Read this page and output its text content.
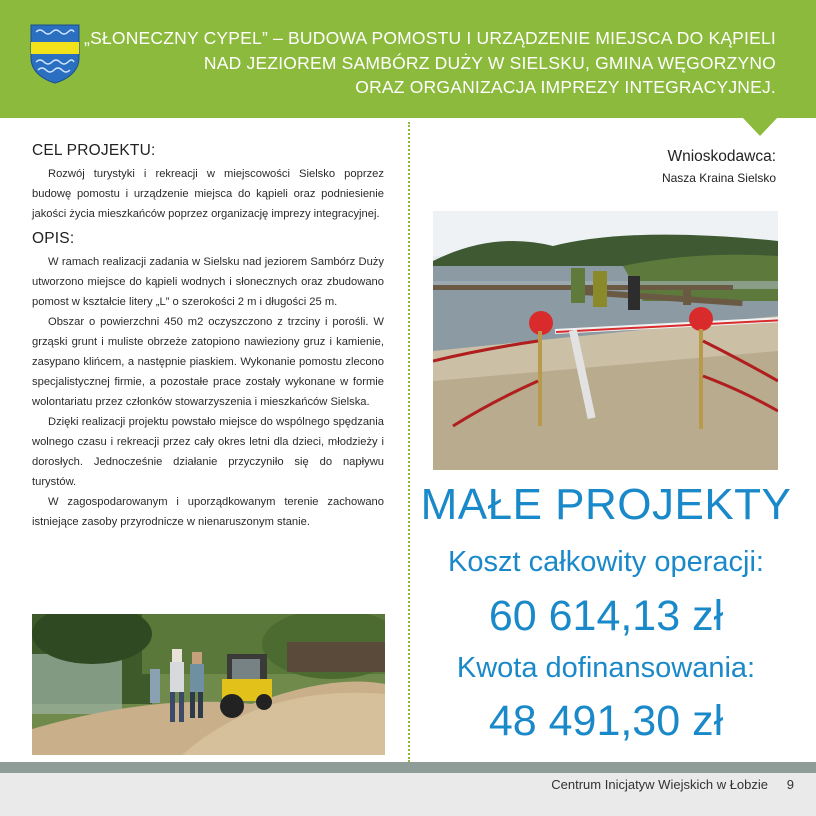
„SŁONECZNY CYPEL” – BUDOWA POMOSTU I URZĄDZENIE MIEJSCA DO KĄPIELI
NAD JEZIOREM SAMBÓRZ DUŻY W SIELSKU, GMINA WĘGORZYNO
ORAZ ORGANIZACJA IMPREZY INTEGRACYJNEJ.
CEL PROJEKTU:

Rozwój turystyki i rekreacji w miejscowości Sielsko poprzez budowę pomostu i urządzenie miejsca do kąpieli oraz podniesienie jakości życia mieszkańców poprzez organizację imprezy integracyjnej.

OPIS:

W ramach realizacji zadania w Sielsku nad jeziorem Sambórz Duży utworzono miejsce do kąpieli wodnych i słonecznych oraz zbudowano pomost w kształcie litery „L” o szerokości 2 m i długości 25 m.

Obszar o powierzchni 450 m2 oczyszczono z trzciny i porośli. W grząski grunt i muliste obrzeże zatopiono nawieziony gruz i kamienie, zasypano klińcem, a następnie piaskiem. Wykonanie pomostu zlecono specjalistycznej firmie, a pozostałe prace zostały wykonane w formie wolontariatu przez członków stowarzyszenia i mieszkańców Sielska.

Dzięki realizacji projektu powstało miejsce do wspólnego spędzania wolnego czasu i rekreacji przez cały okres letni dla dzieci, młodzieży i dorosłych. Jednocześnie działanie przyczyniło się do napływu turystów.

W zagospodarowanym i uporządkowanym terenie zachowano istniejące zasoby przyrodnicze w nienaruszonym stanie.

Wnioskodawca:
Nasza Kraina Sielsko
MAŁE PROJEKTY
Koszt całkowity operacji:
60 614,13 zł
Kwota dofinansowania:
48 491,30 zł
Centrum Inicjatyw Wiejskich w Łobzie 9
